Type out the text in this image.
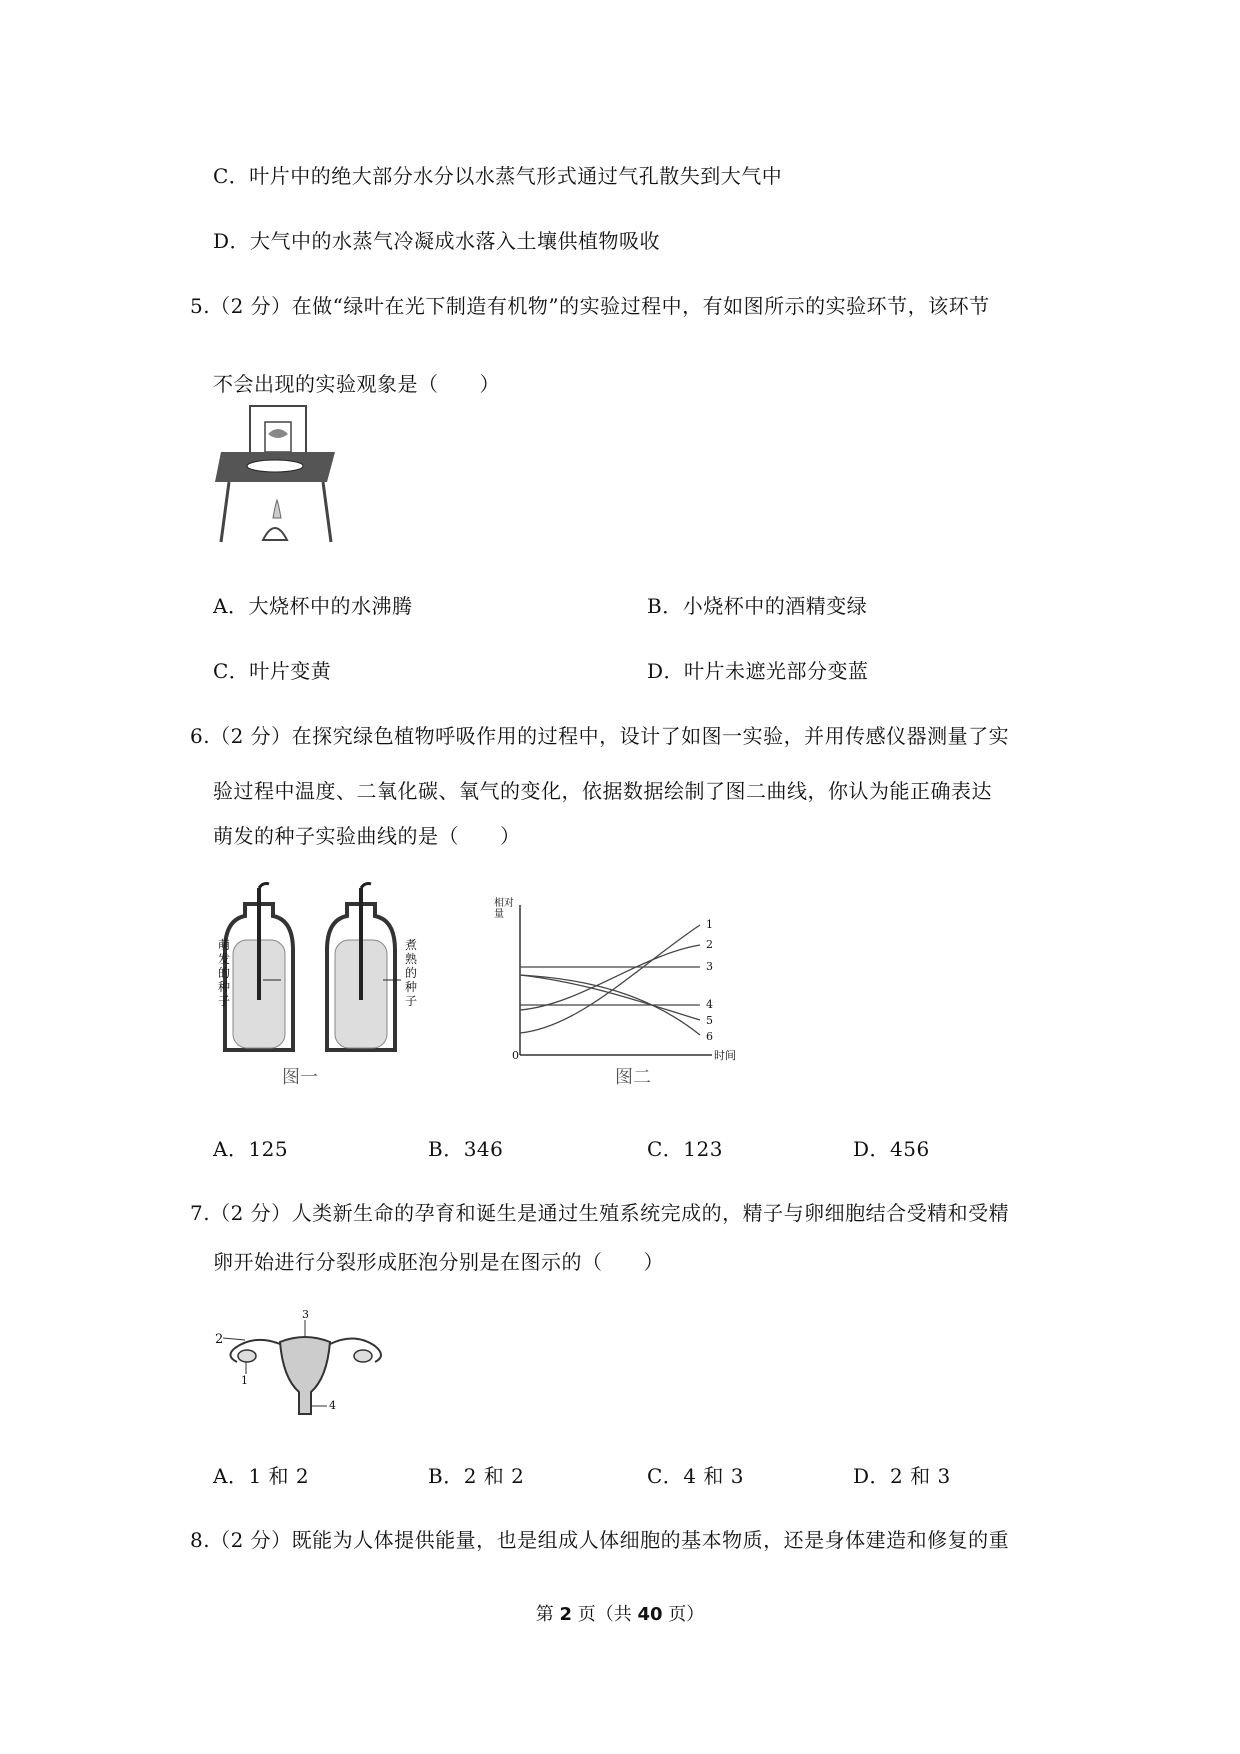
C．叶片中的绝大部分水分以水蒸气形式通过气孔散失到大气中
D．大气中的水蒸气冷凝成水落入土壤供植物吸收
5.（2 分）在做“绿叶在光下制造有机物”的实验过程中，有如图所示的实验环节，该环节
不会出现的实验观象是（　　）
A．大烧杯中的水沸腾	B．小烧杯中的酒精变绿
C．叶片变黄	D．叶片未遮光部分变蓝
6.（2 分）在探究绿色植物呼吸作用的过程中，设计了如图一实验，并用传感仪器测量了实
验过程中温度、二氧化碳、氧气的变化，依据数据绘制了图二曲线，你认为能正确表达
萌发的种子实验曲线的是（　　）
萌发的种子
煮熟的种子
图一
相对量
时间
0
1
2
3
4
5
6
图二
A．125	B．346	C．123	D．456
7.（2 分）人类新生命的孕育和诞生是通过生殖系统完成的，精子与卵细胞结合受精和受精
卵开始进行分裂形成胚泡分别是在图示的（　　）
1
2
3
4
A．1 和 2	B．2 和 2	C．4 和 3	D．2 和 3
8.（2 分）既能为人体提供能量，也是组成人体细胞的基本物质，还是身体建造和修复的重
第 2 页（共 40 页）
